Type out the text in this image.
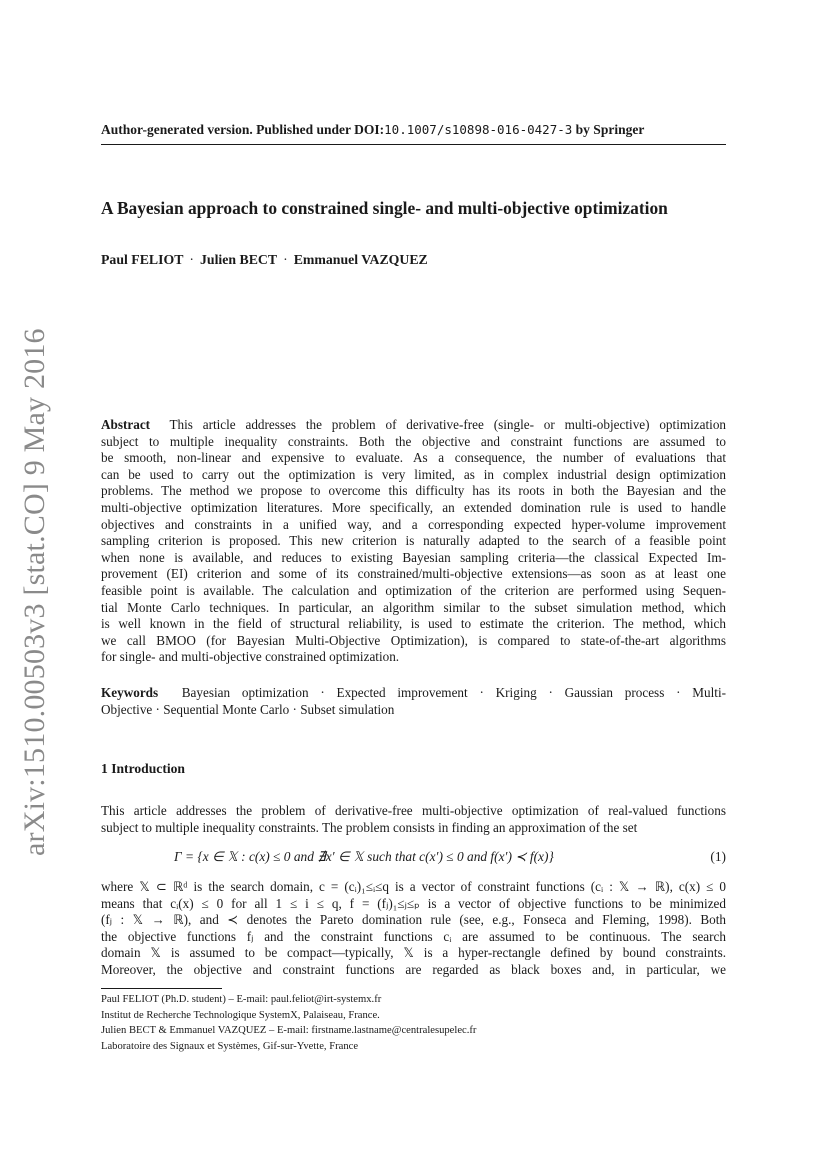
Author-generated version. Published under DOI:10.1007/s10898-016-0427-3 by Springer
A Bayesian approach to constrained single- and multi-objective optimization
Paul FELIOT · Julien BECT · Emmanuel VAZQUEZ
arXiv:1510.00503v3 [stat.CO] 9 May 2016	Abstract This article addresses the problem of derivative-free (single- or multi-objective) optimization
subject to multiple inequality constraints. Both the objective and constraint functions are assumed to
be smooth, non-linear and expensive to evaluate. As a consequence, the number of evaluations that
can be used to carry out the optimization is very limited, as in complex industrial design optimization
problems. The method we propose to overcome this difficulty has its roots in both the Bayesian and the
multi-objective optimization literatures. More specifically, an extended domination rule is used to handle
objectives and constraints in a unified way, and a corresponding expected hyper-volume improvement
sampling criterion is proposed. This new criterion is naturally adapted to the search of a feasible point
when none is available, and reduces to existing Bayesian sampling criteria—the classical Expected Im-
provement (EI) criterion and some of its constrained/multi-objective extensions—as soon as at least one
feasible point is available. The calculation and optimization of the criterion are performed using Sequen-
tial Monte Carlo techniques. In particular, an algorithm similar to the subset simulation method, which
is well known in the field of structural reliability, is used to estimate the criterion. The method, which
we call BMOO (for Bayesian Multi-Objective Optimization), is compared to state-of-the-art algorithms
for single- and multi-objective constrained optimization.
Keywords Bayesian optimization · Expected improvement · Kriging · Gaussian process · Multi-
Objective · Sequential Monte Carlo · Subset simulation
1 Introduction
This article addresses the problem of derivative-free multi-objective optimization of real-valued functions
subject to multiple inequality constraints. The problem consists in finding an approximation of the set
Γ = {x ∈ 𝕏 : c(x) ≤ 0 and ∄x′ ∈ 𝕏 such that c(x′) ≤ 0 and f(x′) ≺ f(x)}	(1)
where 𝕏 ⊂ ℝᵈ is the search domain, c = (cᵢ)₁≤ᵢ≤q is a vector of constraint functions (cᵢ : 𝕏 → ℝ), c(x) ≤ 0
means that cᵢ(x) ≤ 0 for all 1 ≤ i ≤ q, f = (fⱼ)₁≤ⱼ≤ₚ is a vector of objective functions to be minimized
(fⱼ : 𝕏 → ℝ), and ≺ denotes the Pareto domination rule (see, e.g., Fonseca and Fleming, 1998). Both
the objective functions fⱼ and the constraint functions cᵢ are assumed to be continuous. The search
domain 𝕏 is assumed to be compact—typically, 𝕏 is a hyper-rectangle defined by bound constraints.
Moreover, the objective and constraint functions are regarded as black boxes and, in particular, we
Paul FELIOT (Ph.D. student) – E-mail: paul.feliot@irt-systemx.fr
Institut de Recherche Technologique SystemX, Palaiseau, France.
Julien BECT & Emmanuel VAZQUEZ – E-mail: firstname.lastname@centralesupelec.fr
Laboratoire des Signaux et Systèmes, Gif-sur-Yvette, France
